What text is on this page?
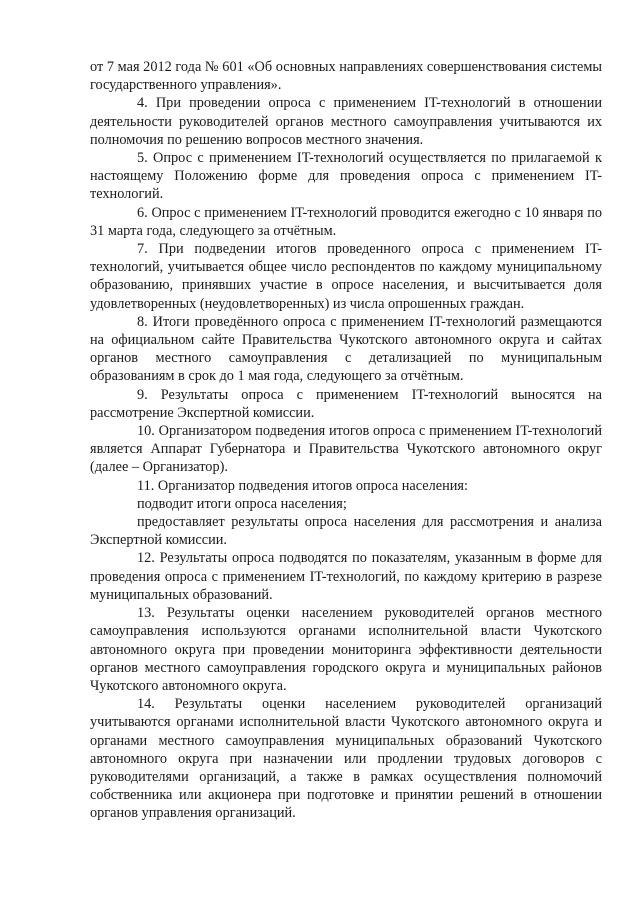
от 7 мая 2012 года № 601 «Об основных направлениях совершенствования системы государственного управления».

4. При проведении опроса с применением IT-технологий в отношении деятельности руководителей органов местного самоуправления учитываются их полномочия по решению вопросов местного значения.

5. Опрос с применением IT-технологий осуществляется по прилагаемой к настоящему Положению форме для проведения опроса с применением IT-технологий.

6. Опрос с применением IT-технологий проводится ежегодно с 10 января по 31 марта года, следующего за отчётным.

7. При подведении итогов проведенного опроса с применением IT-технологий, учитывается общее число респондентов по каждому муниципальному образованию, принявших участие в опросе населения, и высчитывается доля удовлетворенных (неудовлетворенных) из числа опрошенных граждан.

8. Итоги проведённого опроса с применением IT-технологий размещаются на официальном сайте Правительства Чукотского автономного округа и сайтах органов местного самоуправления с детализацией по муниципальным образованиям в срок до 1 мая года, следующего за отчётным.

9. Результаты опроса с применением IT-технологий выносятся на рассмотрение Экспертной комиссии.

10. Организатором подведения итогов опроса с применением IT-технологий является Аппарат Губернатора и Правительства Чукотского автономного округ (далее – Организатор).

11. Организатор подведения итогов опроса населения:

подводит итоги опроса населения;

предоставляет результаты опроса населения для рассмотрения и анализа Экспертной комиссии.

12. Результаты опроса подводятся по показателям, указанным в форме для проведения опроса с применением IT-технологий, по каждому критерию в разрезе муниципальных образований.

13. Результаты оценки населением руководителей органов местного самоуправления используются органами исполнительной власти Чукотского автономного округа при проведении мониторинга эффективности деятельности органов местного самоуправления городского округа и муниципальных районов Чукотского автономного округа.

14. Результаты оценки населением руководителей организаций учитываются органами исполнительной власти Чукотского автономного округа и органами местного самоуправления муниципальных образований Чукотского автономного округа при назначении или продлении трудовых договоров с руководителями организаций, а также в рамках осуществления полномочий собственника или акционера при подготовке и принятии решений в отношении органов управления организаций.
